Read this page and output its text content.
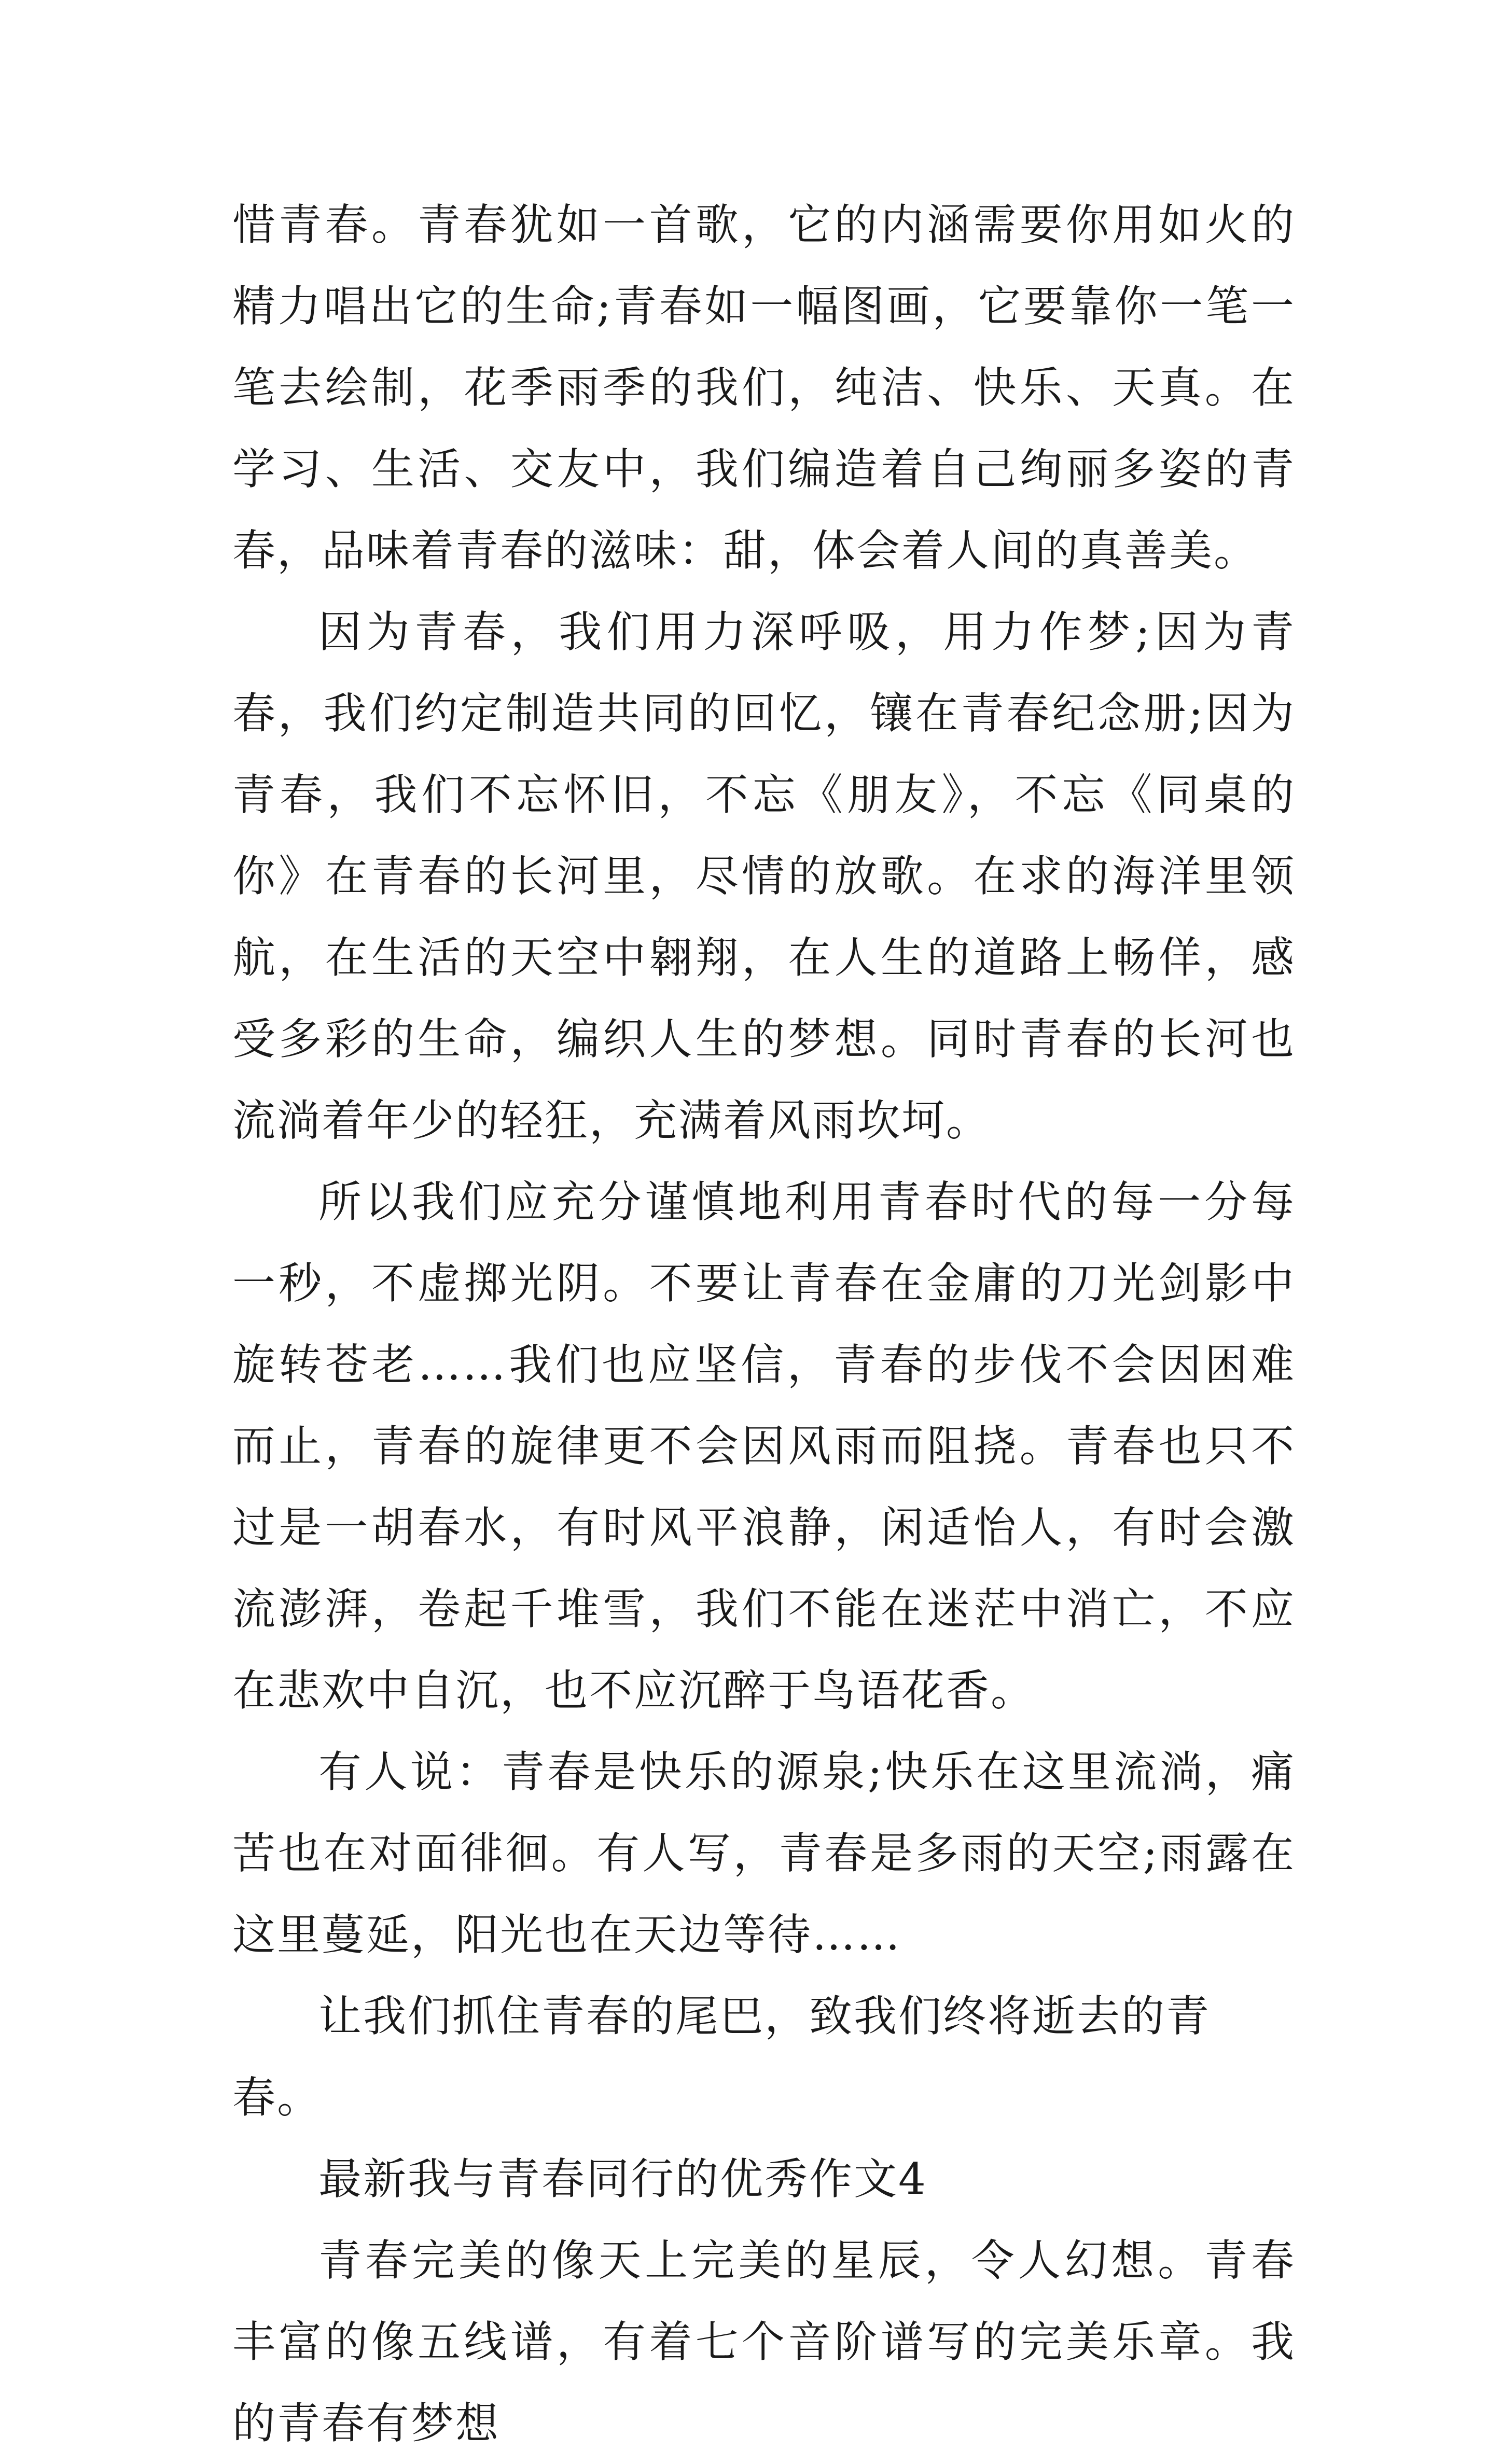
惜青春。青春犹如一首歌，它的内涵需要你用如火的精力唱出它的生命;青春如一幅图画，它要靠你一笔一笔去绘制，花季雨季的我们，纯洁、快乐、天真。在学习、生活、交友中，我们编造着自己绚丽多姿的青春，品味着青春的滋味：甜，体会着人间的真善美。

因为青春，我们用力深呼吸，用力作梦;因为青春，我们约定制造共同的回忆，镶在青春纪念册;因为青春，我们不忘怀旧，不忘《朋友》，不忘《同桌的你》在青春的长河里，尽情的放歌。在求的海洋里领航，在生活的天空中翱翔，在人生的道路上畅佯，感受多彩的生命，编织人生的梦想。同时青春的长河也流淌着年少的轻狂，充满着风雨坎坷。

所以我们应充分谨慎地利用青春时代的每一分每一秒，不虚掷光阴。不要让青春在金庸的刀光剑影中旋转苍老……我们也应坚信，青春的步伐不会因困难而止，青春的旋律更不会因风雨而阻挠。青春也只不过是一胡春水，有时风平浪静，闲适怡人，有时会激流澎湃，卷起千堆雪，我们不能在迷茫中消亡，不应在悲欢中自沉，也不应沉醉于鸟语花香。

有人说：青春是快乐的源泉;快乐在这里流淌，痛苦也在对面徘徊。有人写，青春是多雨的天空;雨露在这里蔓延，阳光也在天边等待……

让我们抓住青春的尾巴，致我们终将逝去的青春。

最新我与青春同行的优秀作文4

青春完美的像天上完美的星辰，令人幻想。青春丰富的像五线谱，有着七个音阶谱写的完美乐章。我的青春有梦想
